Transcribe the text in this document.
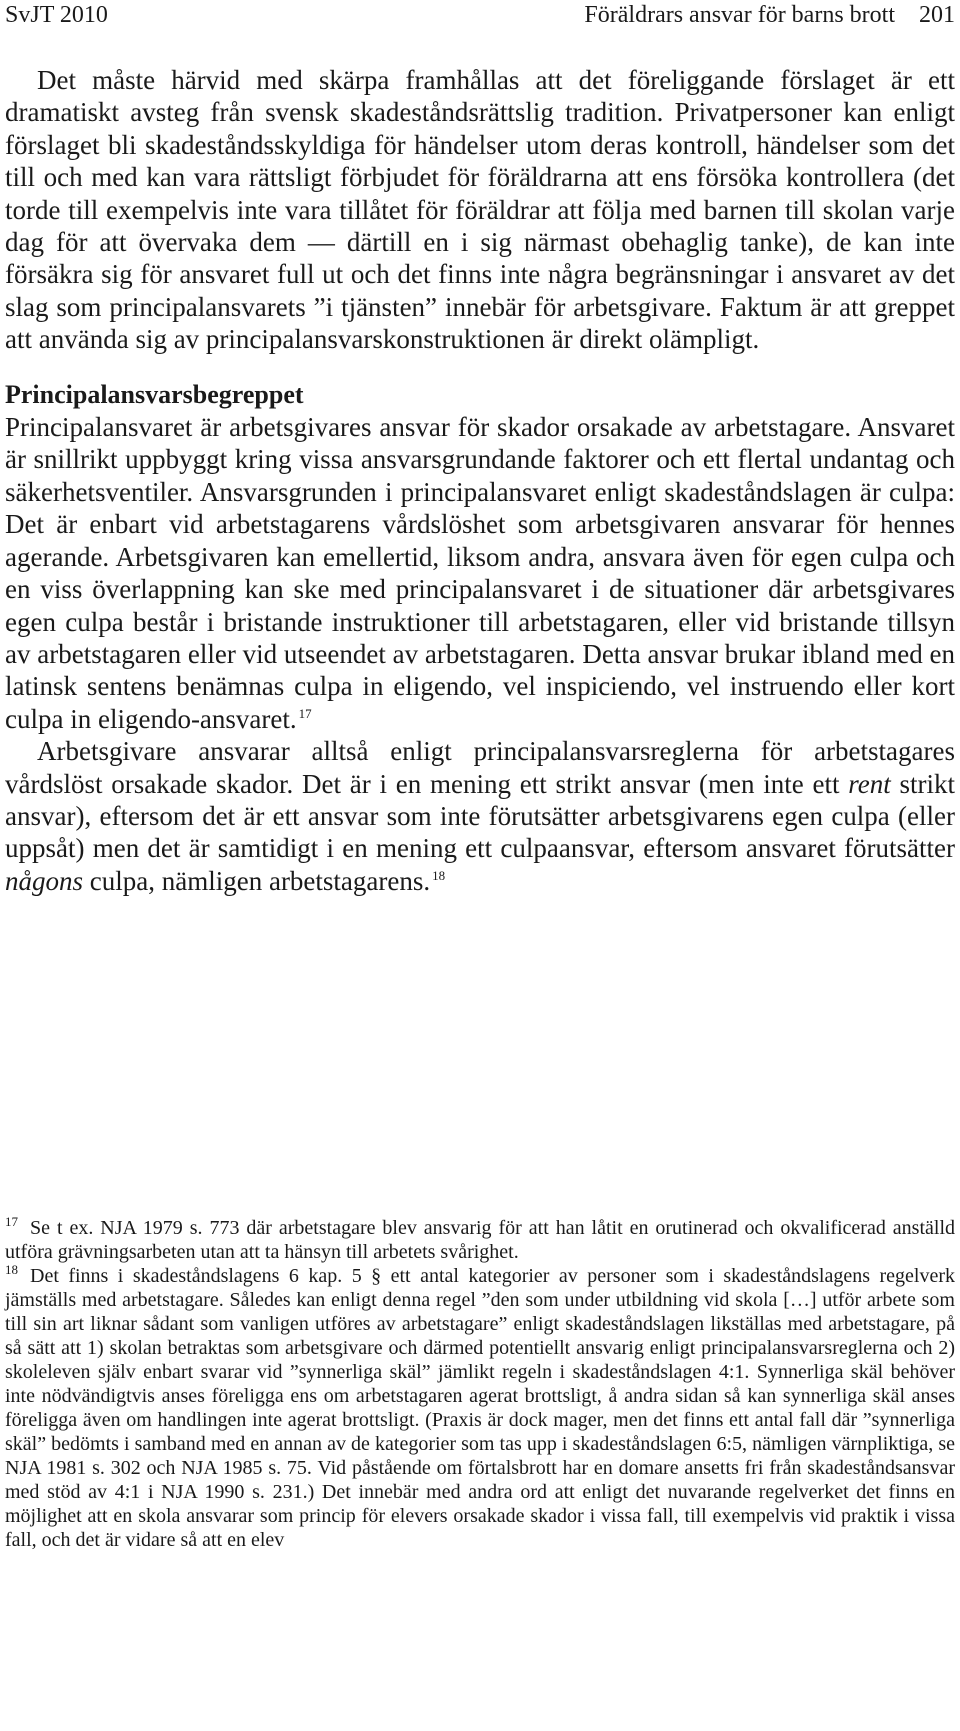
SvJT 2010	Föräldrars ansvar för barns brott 201

Det måste härvid med skärpa framhållas att det föreliggande förslaget är ett dramatiskt avsteg från svensk skadeståndsrättslig tradition. Privatpersoner kan enligt förslaget bli skadeståndsskyldiga för händelser utom deras kontroll, händelser som det till och med kan vara rättsligt förbjudet för föräldrarna att ens försöka kontrollera (det torde till exempelvis inte vara tillåtet för föräldrar att följa med barnen till skolan varje dag för att övervaka dem — därtill en i sig närmast obehaglig tanke), de kan inte försäkra sig för ansvaret full ut och det finns inte några begränsningar i ansvaret av det slag som principalansvarets ”i tjänsten” innebär för arbetsgivare. Faktum är att greppet att använda sig av principalansvarskonstruktionen är direkt olämpligt.

Principalansvarsbegreppet

Principalansvaret är arbetsgivares ansvar för skador orsakade av arbetstagare. Ansvaret är snillrikt uppbyggt kring vissa ansvarsgrundande faktorer och ett flertal undantag och säkerhetsventiler. Ansvarsgrunden i principalansvaret enligt skadeståndslagen är culpa: Det är enbart vid arbetstagarens vårdslöshet som arbetsgivaren ansvarar för hennes agerande. Arbetsgivaren kan emellertid, liksom andra, ansvara även för egen culpa och en viss överlappning kan ske med principalansvaret i de situationer där arbetsgivares egen culpa består i bristande instruktioner till arbetstagaren, eller vid bristande tillsyn av arbetstagaren eller vid utseendet av arbetstagaren. Detta ansvar brukar ibland med en latinsk sentens benämnas culpa in eligendo, vel inspiciendo, vel instruendo eller kort culpa in eligendo-ansvaret. $^{17}$

Arbetsgivare ansvarar alltså enligt principalansvarsreglerna för arbetstagares vårdslöst orsakade skador. Det är i en mening ett strikt ansvar (men inte ett rent strikt ansvar), eftersom det är ett ansvar som inte förutsätter arbetsgivarens egen culpa (eller uppsåt) men det är samtidigt i en mening ett culpaansvar, eftersom ansvaret förutsätter någons culpa, nämligen arbetstagarens. $^{18}$

$^{17}$ Se t ex. NJA 1979 s. 773 där arbetstagare blev ansvarig för att han låtit en orutinerad och okvalificerad anställd utföra grävningsarbeten utan att ta hänsyn till arbetets svårighet.

$^{18}$ Det finns i skadeståndslagens 6 kap. 5 § ett antal kategorier av personer som i skadeståndslagens regelverk jämställs med arbetstagare. Således kan enligt denna regel ”den som under utbildning vid skola […] utför arbete som till sin art liknar sådant som vanligen utföres av arbetstagare” enligt skadeståndslagen likställas med arbetstagare, på så sätt att 1) skolan betraktas som arbetsgivare och därmed potentiellt ansvarig enligt principalansvarsreglerna och 2) skoleleven själv enbart svarar vid ”synnerliga skäl” jämlikt regeln i skadeståndslagen 4:1. Synnerliga skäl behöver inte nödvändigtvis anses föreligga ens om arbetstagaren agerat brottsligt, å andra sidan så kan synnerliga skäl anses föreligga även om handlingen inte agerat brottsligt. (Praxis är dock mager, men det finns ett antal fall där ”synnerliga skäl” bedömts i samband med en annan av de kategorier som tas upp i skadeståndslagen 6:5, nämligen värnpliktiga, se NJA 1981 s. 302 och NJA 1985 s. 75. Vid påstående om förtalsbrott har en domare ansetts fri från skadeståndsansvar med stöd av 4:1 i NJA 1990 s. 231.) Det innebär med andra ord att enligt det nuvarande regelverket det finns en möjlighet att en skola ansvarar som princip för elevers orsakade skador i vissa fall, till exempelvis vid praktik i vissa fall, och det är vidare så att en elev
